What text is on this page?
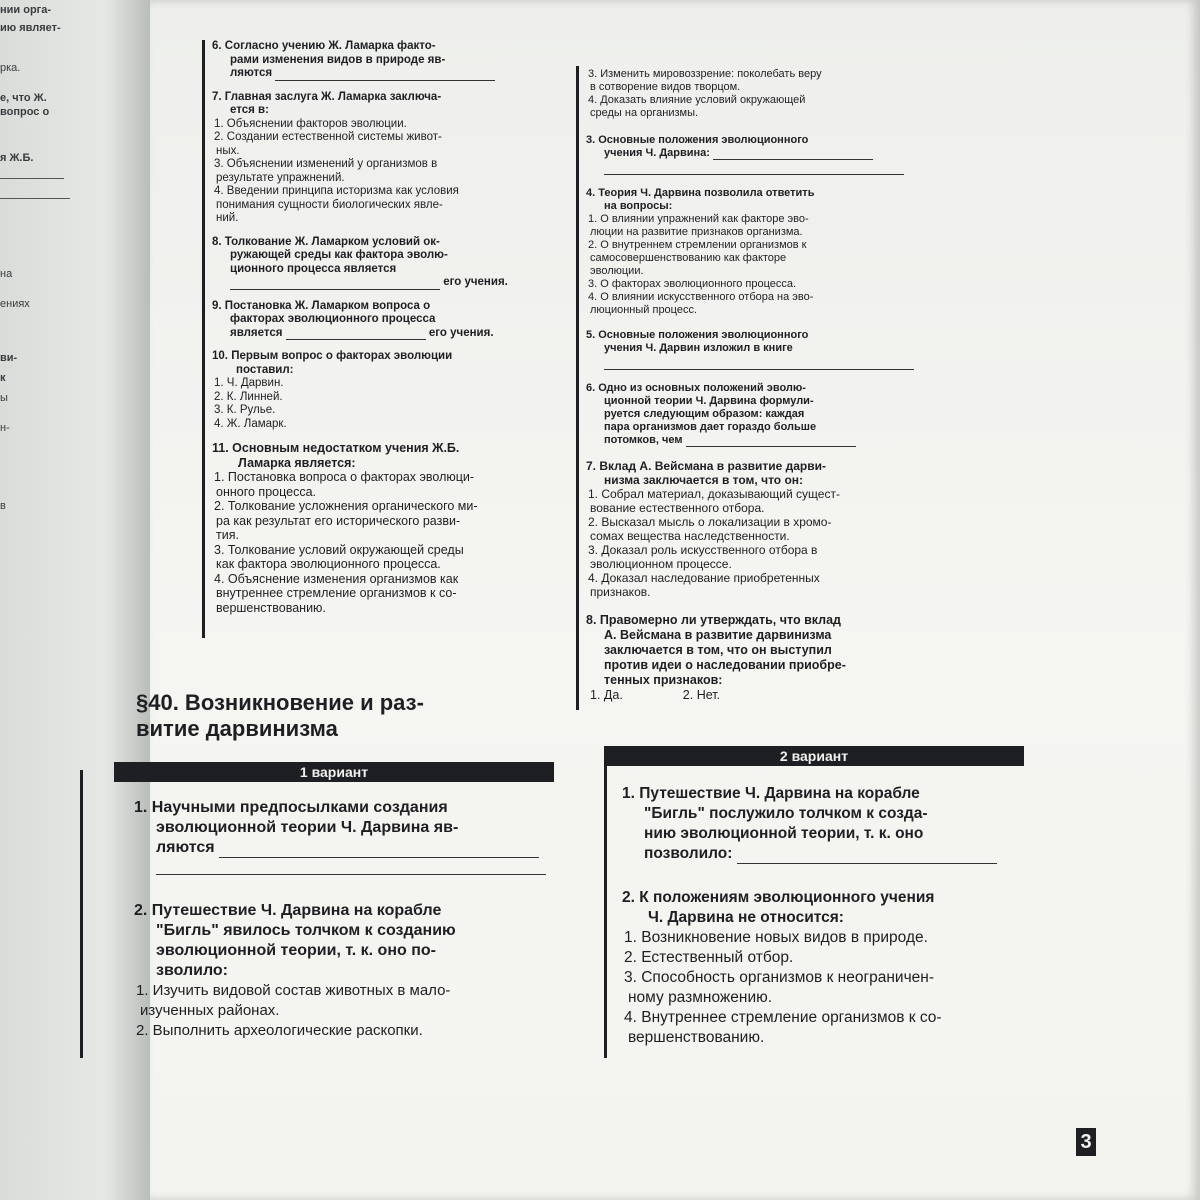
нии орга-
ию являет-
рка.
е, что Ж.
вопрос о
я Ж.Б.
на
ениях
ви-
к
ы
н-
в

6. Согласно учению Ж. Ламарка факто-

рами изменения видов в природе яв-

ляются

7. Главная заслуга Ж. Ламарка заключа-

ется в:

1. Объяснении факторов эволюции.

2. Создании естественной системы живот-

ных.

3. Объяснении изменений у организмов в

результате упражнений.

4. Введении принципа историзма как условия

понимания сущности биологических явле-

ний.

8. Толкование Ж. Ламарком условий ок-

ружающей среды как фактора эволю-

ционного процесса является

его учения.

9. Постановка Ж. Ламарком вопроса о

факторах эволюционного процесса

является	его учения.

10. Первым вопрос о факторах эволюции

поставил:

1. Ч. Дарвин.

2. К. Линней.

3. К. Рулье.

4. Ж. Ламарк.

11. Основным недостатком учения Ж.Б.

Ламарка является:

1. Постановка вопроса о факторах эволюци-

онного процесса.

2. Толкование усложнения органического ми-

ра как результат его исторического разви-

тия.

3. Толкование условий окружающей среды

как фактора эволюционного процесса.

4. Объяснение изменения организмов как

внутреннее стремление организмов к со-

вершенствованию.

3. Изменить мировоззрение: поколебать веру

в сотворение видов творцом.

4. Доказать влияние условий окружающей

среды на организмы.

3. Основные положения эволюционного

учения Ч. Дарвина:

4. Теория Ч. Дарвина позволила ответить

на вопросы:

1. О влиянии упражнений как факторе эво-

люции на развитие признаков организма.

2. О внутреннем стремлении организмов к

самосовершенствованию как факторе

эволюции.

3. О факторах эволюционного процесса.

4. О влиянии искусственного отбора на эво-

люционный процесс.

5. Основные положения эволюционного

учения Ч. Дарвин изложил в книге

6. Одно из основных положений эволю-

ционной теории Ч. Дарвина формули-

руется следующим образом: каждая

пара организмов дает гораздо больше

потомков, чем

7. Вклад А. Вейсмана в развитие дарви-

низма заключается в том, что он:

1. Собрал материал, доказывающий сущест-

вование естественного отбора.

2. Высказал мысль о локализации в хромо-

сомах вещества наследственности.

3. Доказал роль искусственного отбора в

эволюционном процессе.

4. Доказал наследование приобретенных

признаков.

8. Правомерно ли утверждать, что вклад

А. Вейсмана в развитие дарвинизма

заключается в том, что он выступил

против идеи о наследовании приобре-

тенных признаков:

1. Да.	2. Нет.
§40. Возникновение и раз-
витие дарвинизма
1 вариант

1. Научными предпосылками создания

эволюционной теории Ч. Дарвина яв-

ляются

2. Путешествие Ч. Дарвина на корабле

"Бигль" явилось толчком к созданию

эволюционной теории, т. к. оно по-

зволило:

1. Изучить видовой состав животных в мало-

изученных районах.

2. Выполнить археологические раскопки.

2 вариант

1. Путешествие Ч. Дарвина на корабле

"Бигль" послужило толчком к созда-

нию эволюционной теории, т. к. оно

позволило:

2. К положениям эволюционного учения

Ч. Дарвина не относится:

1. Возникновение новых видов в природе.

2. Естественный отбор.

3. Способность организмов к неограничен-

ному размножению.

4. Внутреннее стремление организмов к со-

вершенствованию.

3
